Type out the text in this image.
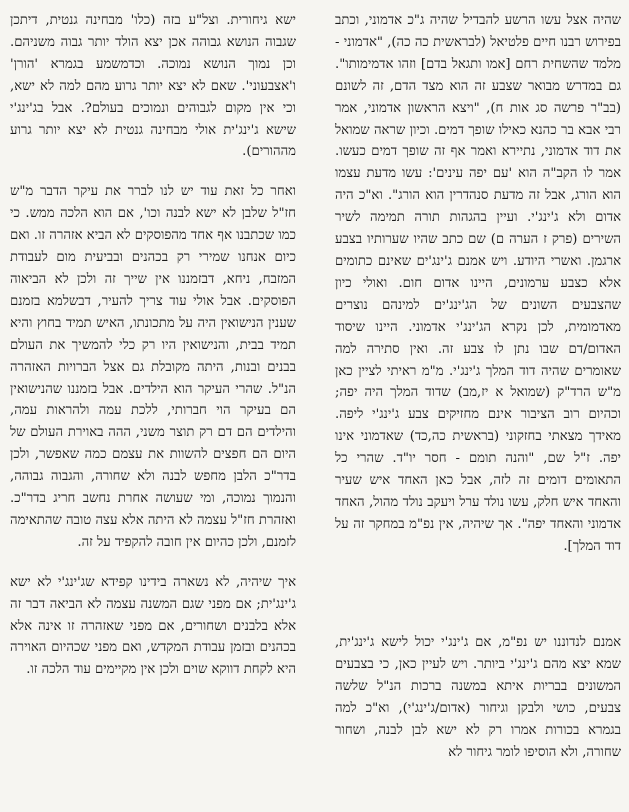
שהיה אצל עשו הרשע להבדיל שהיה ג"כ אדמוני, וכתב בפירוש רבנו חיים פלטיאל (לבראשית כה כה), "אדמוני - מלמד שהשחית רחם [אמו ותגאל בדם] וזהו אדמימותו". גם במדרש מבואר שצבע זה הוא מצד הדם, זה לשונם (בב"ר פרשה סג אות ח), "ויצא הראשון אדמוני, אמר רבי אבא בר כהנא כאילו שופך דמים. וכיון שראה שמואל את דוד אדמוני, נתיירא ואמר אף זה שופך דמים כעשו. אמר לו הקב"ה הוא 'עם יפה עינים': עשו מדעת עצמו הוא הורג, אבל זה מדעת סנהדרין הוא הורג". וא"כ היה אדום ולא ג'ינג'י. ועיין בהגהות תורה תמימה לשיר השירים (פרק ז הערה ם) שם כתב שהיו שערותיו בצבע ארגמן. ואשרי היודע. ויש אמנם ג'ינג'ים שאינם כתומים אלא כצבע ערמונים, היינו אדום חום. ואולי כיון שהצבעים השונים של הג'ינג'ים למינהם נוצרים מאדמומית, לכן נקרא הג'ינג'י אדמוני. היינו שיסוד האדום/דם שבו נתן לו צבע זה. ואין סתירה למה שאומרים שהיה דוד המלך ג'ינג'י. מ"מ ראיתי לציין כאן מ"ש הרד"ק (שמואל א יז,מב) שדוד המלך היה יפה; וכהיום רוב הציבור אינם מחזיקים צבע ג'ינג'י ליפה. מאידך מצאתי בחזקוני (בראשית כה,כד) שאדמוני אינו יפה. ז"ל שם, "והנה תומם - חסר יו"ד. שהרי כל התאומים דומים זה לזה, אבל כאן האחד איש שעיר והאחד איש חלק, עשו נולד ערל ויעקב נולד מהול, האחד אדמוני והאחד יפה". אך שיהיה, אין נפ"מ במחקר זה על דוד המלך].

אמנם לנדוננו יש נפ"מ, אם ג'ינג'י יכול לישא ג'ינג'ית, שמא יצא מהם ג'ינג'י ביותר. ויש לעיין כאן, כי בצבעים המשונים בבריות איתא במשנה ברכות הנ"ל שלשה צבעים, כושי ולבקן וגיחור (אדום/ג'ינג'י), וא"כ למה בגמרא בכורות אמרו רק לא ישא לבן לבנה, ושחור שחורה, ולא הוסיפו לומר גיחור לא

ישא גיחורית. וצל"ע בזה (כלו' מבחינה גנטית, דיתכן שגבוה הנושא גבוהה אכן יצא הולד יותר גבוה משניהם. וכן נמוך הנושא נמוכה. וכדמשמע בגמרא 'הורן' ו'אצבעוני'. שאם לא יצא יותר גרוע מהם למה לא ישא, וכי אין מקום לגבוהים ונמוכים בעולם?. אבל בג'ינג'י שישא ג'ינג'ית אולי מבחינה גנטית לא יצא יותר גרוע מההורים).

ואחר כל זאת עוד יש לנו לברר את עיקר הדבר מ"ש חז"ל שלבן לא ישא לבנה וכו', אם הוא הלכה ממש. כי כמו שכתבנו אף אחד מהפוסקים לא הביא אזהרה זו. ואם כיום אנחנו שמירי רק בכהנים ובביעית מום לעבודת המזבח, ניחא, דבזמננו אין שייך זה ולכן לא הביאוה הפוסקים. אבל אולי עוד צריך להעיר, דבשלמא בזמנם שענין הנישואין היה על מתכונתו, האיש תמיד בחוץ והיא תמיד בבית, והנישואין היו רק כלי להמשיך את העולם בבנים ובנות, היתה מקובלת גם אצל הברויות האזהרה הנ"ל. שהרי העיקר הוא הילדים. אבל בזמננו שהנישואין הם בעיקר הוי חברותי, ללכת עמה ולהראות עמה, והילדים הם דם רק תוצר משני, ההה באוירת העולם של היום הם חפצים להשוות את עצמם כמה שאפשר, ולכן בדר"כ הלבן מחפש לבנה ולא שחורה, והגבוה גבוהה, והנמוך נמוכה, ומי שעושה אחרת נחשב חריג בדר"כ. ואזהרת חז"ל עצמה לא היתה אלא עצה טובה שהתאימה לזמנם, ולכן כהיום אין חובה להקפיד על זה.

איך שיהיה, לא נשארה בידינו קפידא שג'ינג'י לא ישא ג'ינג'ית; אם מפני שגם המשנה עצמה לא הביאה דבר זה אלא בלבנים ושחורים, אם מפני שאזהרה זו אינה אלא בכהנים ובזמן עבודת המקדש, ואם מפני שכהיום האוירה היא לקחת דווקא שוים ולכן אין מקיימים עוד הלכה זו.
